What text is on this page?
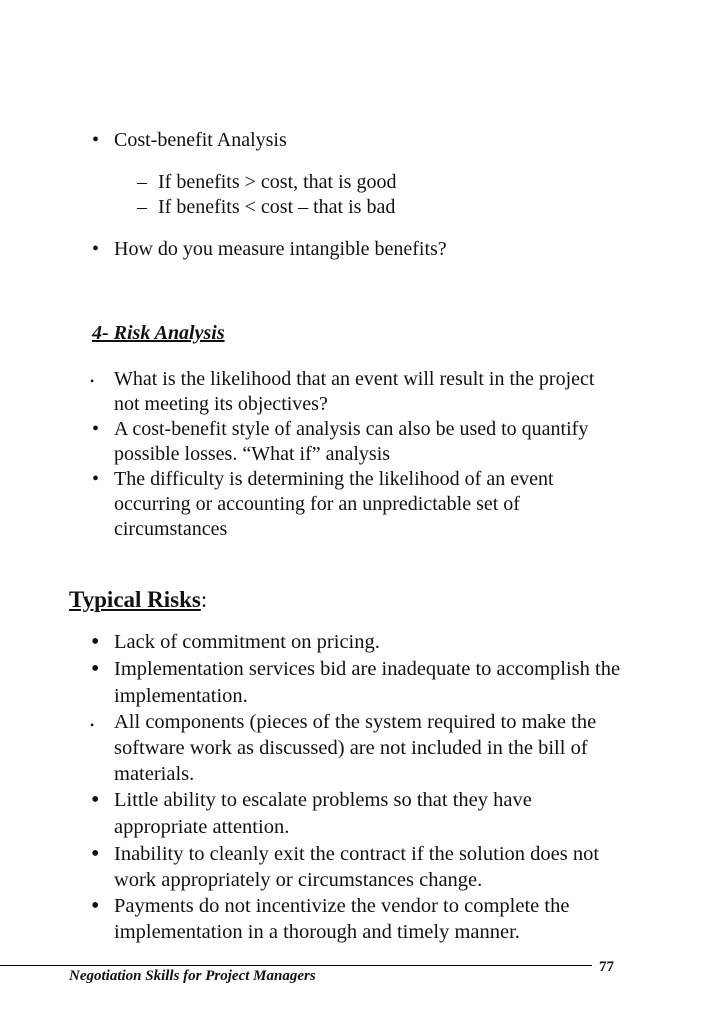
• Cost-benefit Analysis
– If benefits > cost, that is good
– If benefits < cost – that is bad
• How do you measure intangible benefits?
4- Risk Analysis
• What is the likelihood that an event will result in the project
not meeting its objectives?
• A cost-benefit style of analysis can also be used to quantify
possible losses. “What if” analysis
• The difficulty is determining the likelihood of an event
occurring or accounting for an unpredictable set of
circumstances
Typical Risks:
• Lack of commitment on pricing.
• Implementation services bid are inadequate to accomplish the
implementation.
• All components (pieces of the system required to make the
software work as discussed) are not included in the bill of
materials.
• Little ability to escalate problems so that they have
appropriate attention.
• Inability to cleanly exit the contract if the solution does not
work appropriately or circumstances change.
• Payments do not incentivize the vendor to complete the
implementation in a thorough and timely manner.
Negotiation Skills for Project Managers
77
